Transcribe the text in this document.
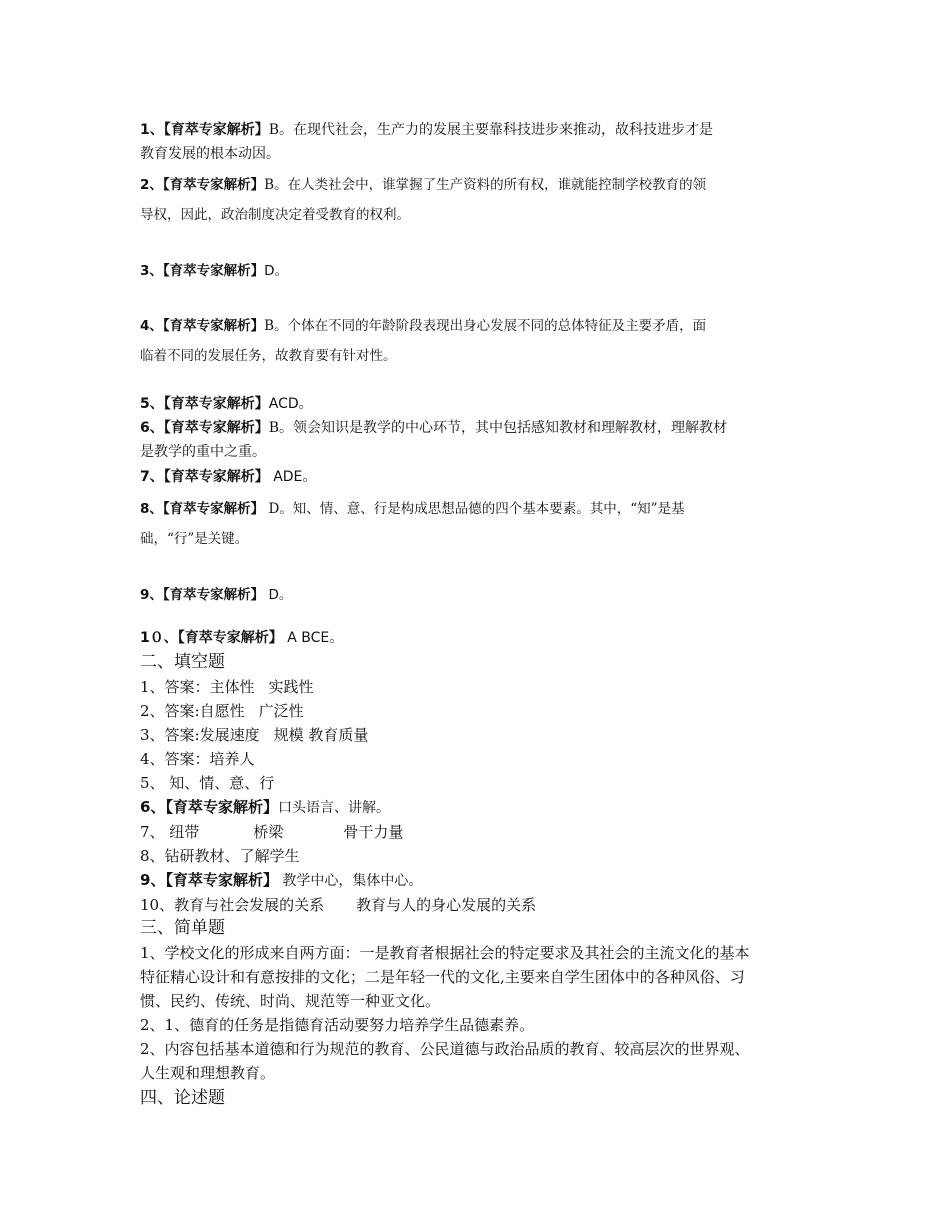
1、【育萃专家解析】B。在现代社会，生产力的发展主要靠科技进步来推动，故科技进步才是
教育发展的根本动因。
2、【育萃专家解析】B。在人类社会中，谁掌握了生产资料的所有权，谁就能控制学校教育的领
导权，因此，政治制度决定着受教育的权利。
3、【育萃专家解析】D。
4、【育萃专家解析】B。个体在不同的年龄阶段表现出身心发展不同的总体特征及主要矛盾，面
临着不同的发展任务，故教育要有针对性。
5、【育萃专家解析】ACD。
6、【育萃专家解析】B。领会知识是教学的中心环节，其中包括感知教材和理解教材，理解教材
是教学的重中之重。
7、【育萃专家解析】 ADE。
8、【育萃专家解析】 D。知、情、意、行是构成思想品德的四个基本要素。其中，“知”是基
础，“行”是关键。
9、【育萃专家解析】 D。
1０、【育萃专家解析】 A BCE。
二、填空题
1、答案：主体性 实践性
2、答案:自愿性 广泛性
3、答案:发展速度 规模 教育质量
4、答案：培养人
5、 知、情、意、行
6、【育萃专家解析】口头语言、讲解。
7、 纽带	桥梁	骨干力量
8、钻研教材、了解学生
9、【育萃专家解析】 教学中心，集体中心。
10、教育与社会发展的关系 教育与人的身心发展的关系
三、简单题
1、学校文化的形成来自两方面：一是教育者根据社会的特定要求及其社会的主流文化的基本
特征精心设计和有意按排的文化；二是年轻一代的文化,主要来自学生团体中的各种风俗、习
惯、民约、传统、时尚、规范等一种亚文化。
2、1、德育的任务是指德育活动要努力培养学生品德素养。
2、内容包括基本道德和行为规范的教育、公民道德与政治品质的教育、较高层次的世界观、
人生观和理想教育。
四、论述题
